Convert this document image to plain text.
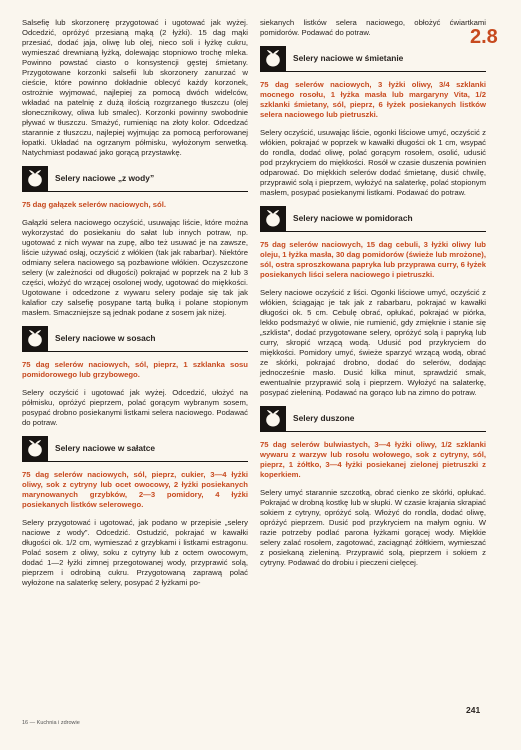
Salsefię lub skorzonerę przygotować i ugotować jak wyżej. Odcedzić, opróżyć przesianą mąką (2 łyżki). 15 dag mąki przesiać, dodać jaja, oliwę lub olej, nieco soli i łyżkę cukru, wymieszać drewnianą łyżką, dolewając stopniowo trochę mleka. Powinno powstać ciasto o konsystencji gęstej śmietany. Przygotowane korzonki salsefii lub skorzonery zanurzać w cieście, które powinno dokładnie oblecyć każdy korzonek, ostrożnie wyjmować, najlepiej za pomocą dwóch widelców, wkładać na patelnię z dużą ilością rozgrzanego tłuszczu (olej słonecznikowy, oliwa lub smalec). Korzonki powinny swobodnie pływać w tłuszczu. Smażyć, rumieniąc na złoty kolor. Odcedzać starannie z tłuszczu, najlepiej wyjmując za pomocą perforowanej łopatki. Układać na ogrzanym półmisku, wyłożonym serwetką. Natychmiast podawać jako gorącą przystawkę.

Selery naciowe „z wody”

75 dag gałązek selerów naciowych, sól.

Gałązki selera naciowego oczyścić, usuwając liście, które można wykorzystać do posiekaniu do sałat lub innych potraw, np. ugotować z nich wywar na zupę, albo też usuwać je na zawsze, liście używać osłąj, oczyścić z włókien (tak jak rabarbar). Niektóre odmiany selera naciowego są pozbawione włókien. Oczyszczone selery (w zależności od długości) pokrajać w poprzek na 2 lub 3 części, włożyć do wrzącej osolonej wody, ugotować do miękkości. Ugotowane i odcedzone z wywaru selery podaje się tak jak kalafior czy salsefię posypane tartą bułką i polane stopionym masłem. Smaczniejsze są jednak podane z sosem jak niżej.

Selery naciowe w sosach

75 dag selerów naciowych, sól, pieprz, 1 szklanka sosu pomidorowego lub grzybowego.

Selery oczyścić i ugotować jak wyżej. Odcedzić, ułożyć na półmisku, opróżyć pieprzem, polać gorącym wybranym sosem, posypać drobno posiekanymi listkami selera naciowego. Podawać do potraw.

Selery naciowe w sałatce

75 dag selerów naciowych, sól, pieprz, cukier, 3—4 łyżki oliwy, sok z cytryny lub ocet owocowy, 2 łyżki posiekanych marynowanych grzybków, 2—3 pomidory, 4 łyżki posiekanych listków selerowego.

Selery przygotować i ugotować, jak podano w przepisie „selery naciowe z wody”. Odcedzić. Ostudzić, pokrajać w kawałki długości ok. 1/2 cm, wymieszać z grzybkami i listkami estragonu. Polać sosem z oliwy, soku z cytryny lub z octem owocowym, dodać 1—2 łyżki zimnej przegotowanej wody, przyprawić solą, pieprzem i odrobiną cukru. Przygotowaną zaprawą polać wyłożone na salaterkę selery, posypać 2 łyżkami po-

siekanych listków selera naciowego, obłożyć ćwiartkami pomidorów. Podawać do potraw.

Selery naciowe w śmietanie

75 dag selerów naciowych, 3 łyżki oliwy, 3/4 szklanki mocnego rosołu, 1 łyżka masła lub margaryny Vita, 1/2 szklanki śmietany, sól, pieprz, 6 łyżek posiekanych listków selera naciowego lub pietruszki.

Selery oczyścić, usuwając liście, ogonki liściowe umyć, oczyścić z włókien, pokrajać w poprzek w kawałki długości ok 1 cm, wsypać do rondla, dodać oliwę, polać gorącym rosołem, osolić, udusić pod przykryciem do miękkości. Rosół w czasie duszenia powinien odparować. Do miękkich selerów dodać śmietanę, dusić chwilę, przyprawić solą i pieprzem, wyłożyć na salaterkę, polać stopionym masłem, posypać posiekanymi listkami. Podawać do potraw.

Selery naciowe w pomidorach

75 dag selerów naciowych, 15 dag cebuli, 3 łyżki oliwy lub oleju, 1 łyżka masła, 30 dag pomidorów (świeże lub mrożone), sól, ostra sproszkowana papryka lub przyprawa curry, 6 łyżek posiekanych liści selera naciowego i pietruszki.

Selery naciowe oczyścić z liści. Ogonki liściowe umyć, oczyścić z włókien, ściągając je tak jak z rabarbaru, pokrajać w kawałki długości ok. 5 cm. Cebulę obrać, opłukać, pokrajać w piórka, lekko podsmażyć w oliwie, nie rumienić, gdy zmięknie i stanie się „szklista”, dodać przygotowane selery, opróżyć solą i papryką lub curry, skropić wrzącą wodą. Udusić pod przykryciem do miękkości. Pomidory umyć, świeże sparzyć wrzącą wodą, obrać ze skórki, pokrajać drobno, dodać do selerów, dodając jednocześnie masło. Dusić kilka minut, sprawdzić smak, ewentualnie przyprawić solą i pieprzem. Wyłożyć na salaterkę, posypać zieleniną. Podawać na gorąco lub na zimno do potraw.

Selery duszone

75 dag selerów bulwiastych, 3—4 łyżki oliwy, 1/2 szklanki wywaru z warzyw lub rosołu wołowego, sok z cytryny, sól, pieprz, 1 żółtko, 3—4 łyżki posiekanej zielonej pietruszki z koperkiem.

Selery umyć starannie szczotką, obrać cienko ze skórki, opłukać. Pokrajać w drobną kostkę lub w słupki. W czasie krajania skrapiać sokiem z cytryny, opróżyć solą. Włożyć do rondla, dodać oliwę, opróżyć pieprzem. Dusić pod przykryciem na małym ogniu. W razie potrzeby podlać parona łyżkami gorącej wody. Miękkie selery zalać rosołem, zagotować, zaciągnąć żółtkiem, wymieszać z posiekaną zieleniną. Przyprawić solą, pieprzem i sokiem z cytryny. Podawać do drobiu i pieczeni cielęcej.

2.8
241
16 — Kuchnia i zdrowie
